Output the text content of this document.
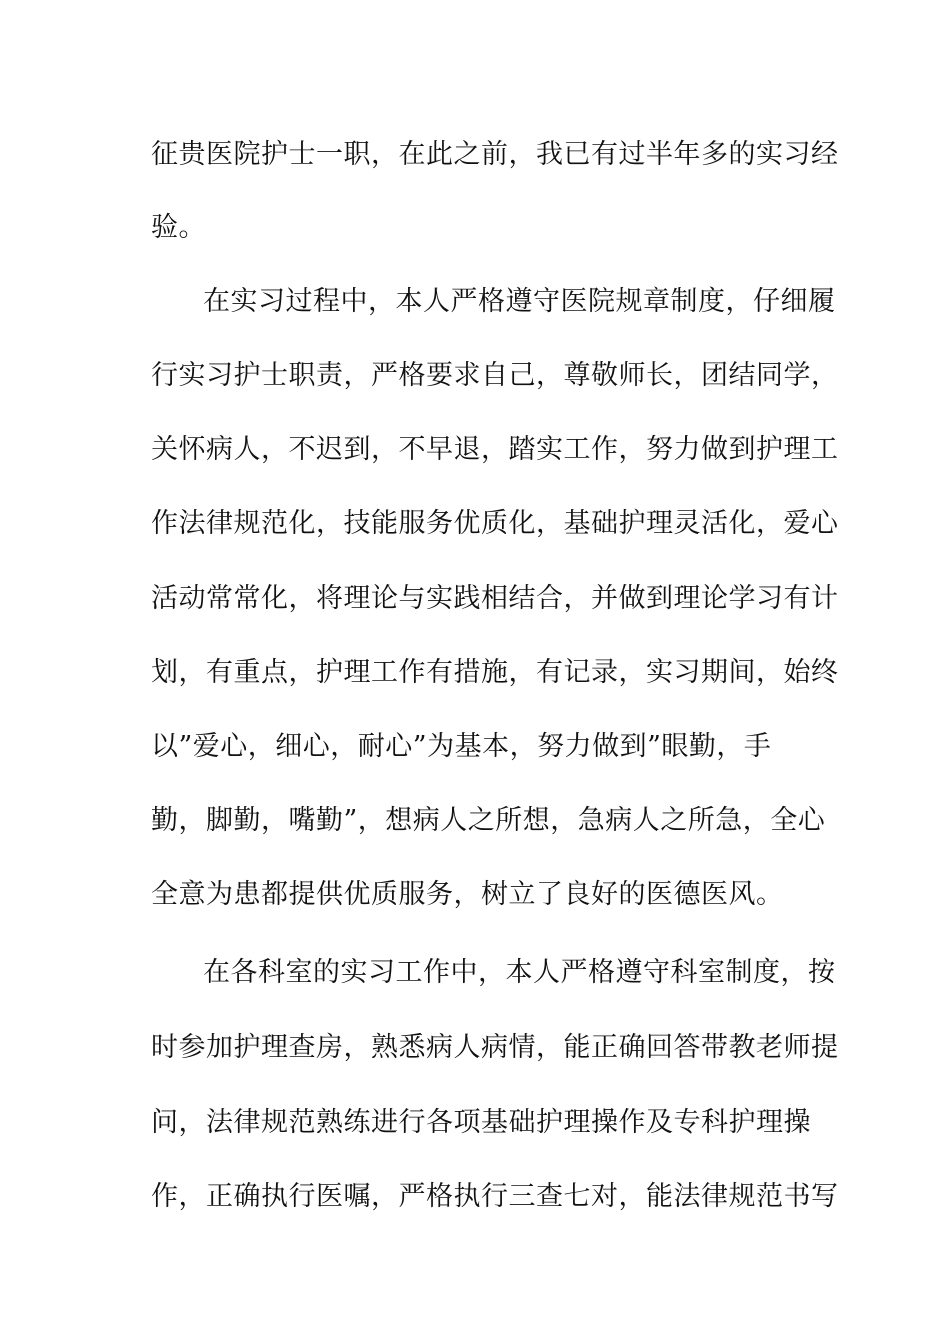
征贵医院护士一职，在此之前，我已有过半年多的实习经
验。
在实习过程中，本人严格遵守医院规章制度，仔细履
行实习护士职责，严格要求自己，尊敬师长，团结同学，
关怀病人，不迟到，不早退，踏实工作，努力做到护理工
作法律规范化，技能服务优质化，基础护理灵活化，爱心
活动常常化，将理论与实践相结合，并做到理论学习有计
划，有重点，护理工作有措施，有记录，实习期间，始终
以”爱心，细心，耐心”为基本，努力做到”眼勤，手
勤，脚勤，嘴勤”，想病人之所想，急病人之所急，全心
全意为患都提供优质服务，树立了良好的医德医风。
在各科室的实习工作中，本人严格遵守科室制度，按
时参加护理查房，熟悉病人病情，能正确回答带教老师提
问，法律规范熟练进行各项基础护理操作及专科护理操
作，正确执行医嘱，严格执行三查七对，能法律规范书写
